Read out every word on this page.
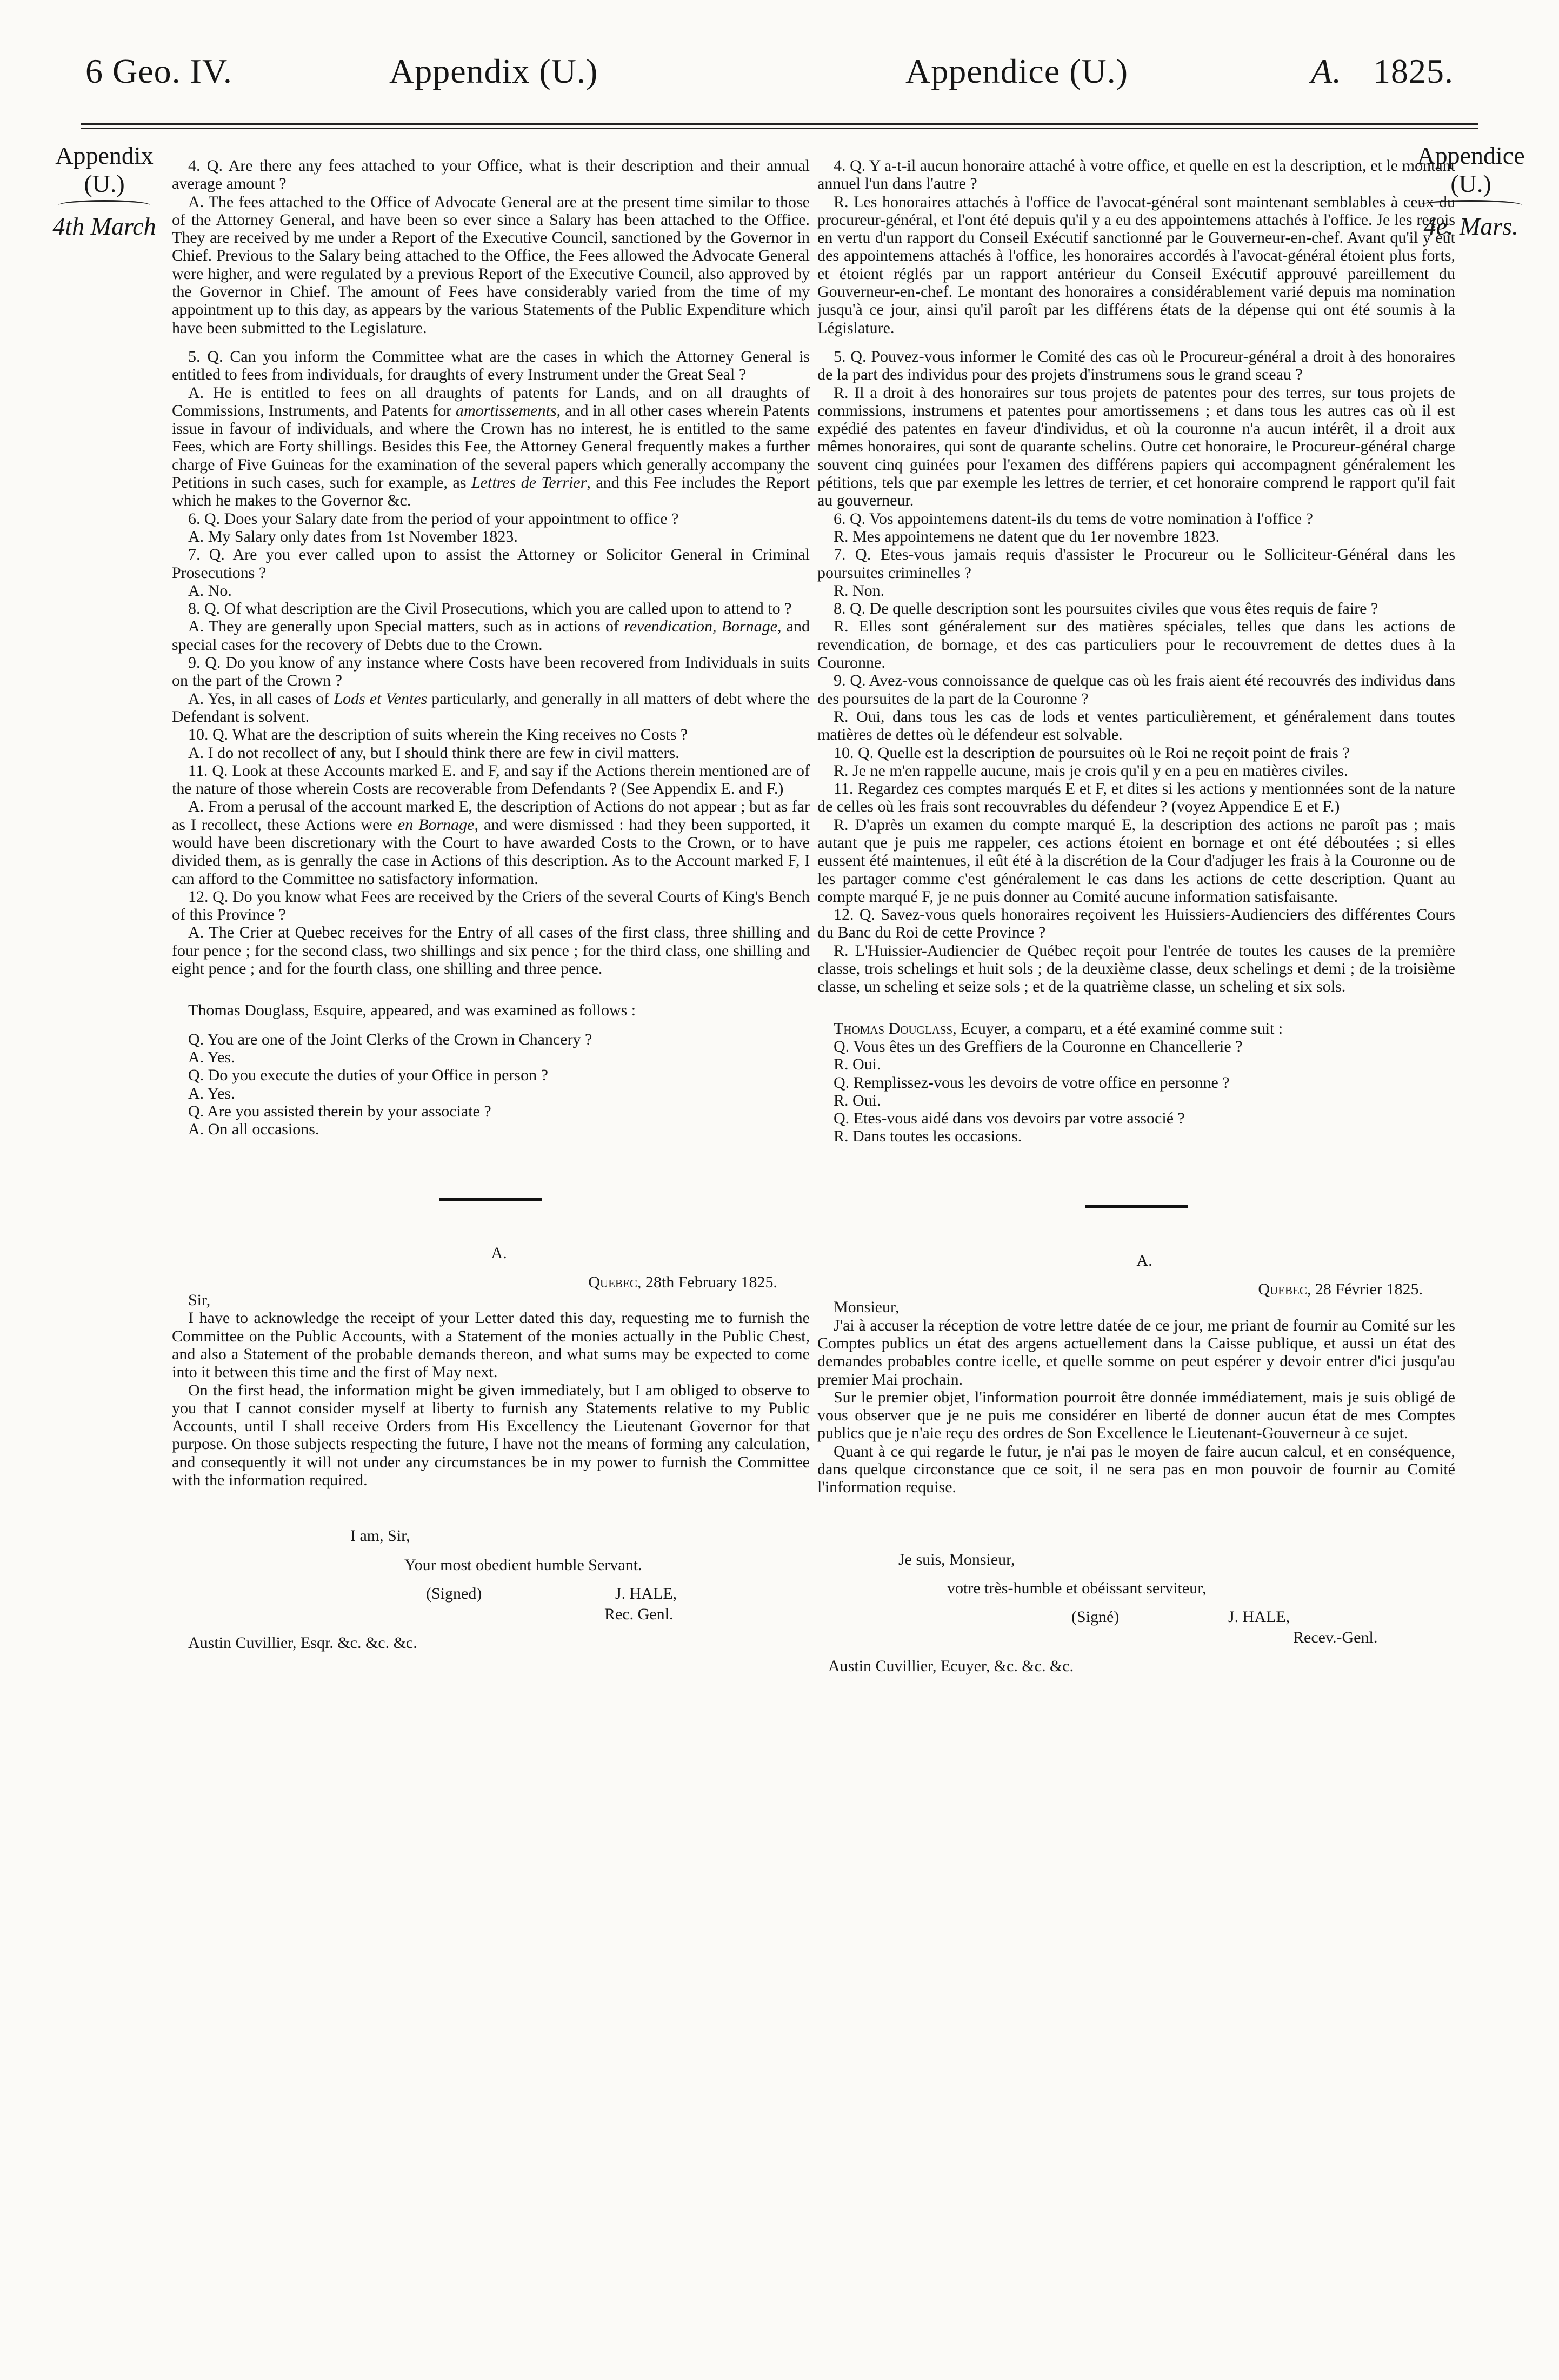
6 Geo. IV.	Appendix (U.)	Appendice (U.)	A. 1825.
Appendix
(U.)
4th March
Appendice
(U.)
4e. Mars.

4. Q. Are there any fees attached to your Office, what is their description and their annual average amount ?

A. The fees attached to the Office of Advocate General are at the present time similar to those of the Attorney General, and have been so ever since a Salary has been attached to the Office. They are received by me under a Report of the Executive Council, sanctioned by the Governor in Chief. Previous to the Salary being attached to the Office, the Fees allowed the Advocate General were higher, and were regulated by a previous Report of the Executive Council, also approved by the Governor in Chief. The amount of Fees have considerably varied from the time of my appointment up to this day, as appears by the various Statements of the Public Expenditure which have been submitted to the Legislature.

5. Q. Can you inform the Committee what are the cases in which the Attorney General is entitled to fees from individuals, for draughts of every Instrument under the Great Seal ?

A. He is entitled to fees on all draughts of patents for Lands, and on all draughts of Commissions, Instruments, and Patents for amortissements, and in all other cases wherein Patents issue in favour of individuals, and where the Crown has no interest, he is entitled to the same Fees, which are Forty shillings. Besides this Fee, the Attorney General frequently makes a further charge of Five Guineas for the examination of the several papers which generally accompany the Petitions in such cases, such for example, as Lettres de Terrier, and this Fee includes the Report which he makes to the Governor &c.

6. Q. Does your Salary date from the period of your appointment to office ?

A. My Salary only dates from 1st November 1823.

7. Q. Are you ever called upon to assist the Attorney or Solicitor General in Criminal Prosecutions ?

A. No.

8. Q. Of what description are the Civil Prosecutions, which you are called upon to attend to ?

A. They are generally upon Special matters, such as in actions of revendication, Bornage, and special cases for the recovery of Debts due to the Crown.

9. Q. Do you know of any instance where Costs have been recovered from Individuals in suits on the part of the Crown ?

A. Yes, in all cases of Lods et Ventes particularly, and generally in all matters of debt where the Defendant is solvent.

10. Q. What are the description of suits wherein the King receives no Costs ?

A. I do not recollect of any, but I should think there are few in civil matters.

11. Q. Look at these Accounts marked E. and F, and say if the Actions therein mentioned are of the nature of those wherein Costs are recoverable from Defendants ? (See Appendix E. and F.)

A. From a perusal of the account marked E, the description of Actions do not appear ; but as far as I recollect, these Actions were en Bornage, and were dismissed : had they been supported, it would have been discretionary with the Court to have awarded Costs to the Crown, or to have divided them, as is genrally the case in Actions of this description. As to the Account marked F, I can afford to the Committee no satisfactory information.

12. Q. Do you know what Fees are received by the Criers of the several Courts of King's Bench of this Province ?

A. The Crier at Quebec receives for the Entry of all cases of the first class, three shilling and four pence ; for the second class, two shillings and six pence ; for the third class, one shilling and eight pence ; and for the fourth class, one shilling and three pence.

Thomas Douglass, Esquire, appeared, and was examined as follows :

Q. You are one of the Joint Clerks of the Crown in Chancery ?

A. Yes.

Q. Do you execute the duties of your Office in person ?

A. Yes.

Q. Are you assisted therein by your associate ?

A. On all occasions.

A.

Quebec, 28th February 1825.

Sir,

I have to acknowledge the receipt of your Letter dated this day, requesting me to furnish the Committee on the Public Accounts, with a Statement of the monies actually in the Public Chest, and also a Statement of the probable demands thereon, and what sums may be expected to come into it between this time and the first of May next.

On the first head, the information might be given immediately, but I am obliged to observe to you that I cannot consider myself at liberty to furnish any Statements relative to my Public Accounts, until I shall receive Orders from His Excellency the Lieutenant Governor for that purpose. On those subjects respecting the future, I have not the means of forming any calculation, and consequently it will not under any circumstances be in my power to furnish the Committee with the information required.

I am, Sir,

Your most obedient humble Servant.

(Signed)	J. HALE,

Rec. Genl.

Austin Cuvillier, Esqr. &c. &c. &c.

4. Q. Y a-t-il aucun honoraire attaché à votre office, et quelle en est la description, et le montant annuel l'un dans l'autre ?

R. Les honoraires attachés à l'office de l'avocat-général sont maintenant semblables à ceux du procureur-général, et l'ont été depuis qu'il y a eu des appointemens attachés à l'office. Je les reçois en vertu d'un rapport du Conseil Exécutif sanctionné par le Gouverneur-en-chef. Avant qu'il y eût des appointemens attachés à l'office, les honoraires accordés à l'avocat-général étoient plus forts, et étoient réglés par un rapport antérieur du Conseil Exécutif approuvé pareillement du Gouverneur-en-chef. Le montant des honoraires a considérablement varié depuis ma nomination jusqu'à ce jour, ainsi qu'il paroît par les différens états de la dépense qui ont été soumis à la Législature.

5. Q. Pouvez-vous informer le Comité des cas où le Procureur-général a droit à des honoraires de la part des individus pour des projets d'instrumens sous le grand sceau ?

R. Il a droit à des honoraires sur tous projets de patentes pour des terres, sur tous projets de commissions, instrumens et patentes pour amortissemens ; et dans tous les autres cas où il est expédié des patentes en faveur d'individus, et où la couronne n'a aucun intérêt, il a droit aux mêmes honoraires, qui sont de quarante schelins. Outre cet honoraire, le Procureur-général charge souvent cinq guinées pour l'examen des différens papiers qui accompagnent généralement les pétitions, tels que par exemple les lettres de terrier, et cet honoraire comprend le rapport qu'il fait au gouverneur.

6. Q. Vos appointemens datent-ils du tems de votre nomination à l'office ?

R. Mes appointemens ne datent que du 1er novembre 1823.

7. Q. Etes-vous jamais requis d'assister le Procureur ou le Solliciteur-Général dans les poursuites criminelles ?

R. Non.

8. Q. De quelle description sont les poursuites civiles que vous êtes requis de faire ?

R. Elles sont généralement sur des matières spéciales, telles que dans les actions de revendication, de bornage, et des cas particuliers pour le recouvrement de dettes dues à la Couronne.

9. Q. Avez-vous connoissance de quelque cas où les frais aient été recouvrés des individus dans des poursuites de la part de la Couronne ?

R. Oui, dans tous les cas de lods et ventes particulièrement, et généralement dans toutes matières de dettes où le défendeur est solvable.

10. Q. Quelle est la description de poursuites où le Roi ne reçoit point de frais ?

R. Je ne m'en rappelle aucune, mais je crois qu'il y en a peu en matières civiles.

11. Regardez ces comptes marqués E et F, et dites si les actions y mentionnées sont de la nature de celles où les frais sont recouvrables du défendeur ? (voyez Appendice E et F.)

R. D'après un examen du compte marqué E, la description des actions ne paroît pas ; mais autant que je puis me rappeler, ces actions étoient en bornage et ont été déboutées ; si elles eussent été maintenues, il eût été à la discrétion de la Cour d'adjuger les frais à la Couronne ou de les partager comme c'est généralement le cas dans les actions de cette description. Quant au compte marqué F, je ne puis donner au Comité aucune information satisfaisante.

12. Q. Savez-vous quels honoraires reçoivent les Huissiers-Audienciers des différentes Cours du Banc du Roi de cette Province ?

R. L'Huissier-Audiencier de Québec reçoit pour l'entrée de toutes les causes de la première classe, trois schelings et huit sols ; de la deuxième classe, deux schelings et demi ; de la troisième classe, un scheling et seize sols ; et de la quatrième classe, un scheling et six sols.

Thomas Douglass, Ecuyer, a comparu, et a été examiné comme suit :

Q. Vous êtes un des Greffiers de la Couronne en Chancellerie ?

R. Oui.

Q. Remplissez-vous les devoirs de votre office en personne ?

R. Oui.

Q. Etes-vous aidé dans vos devoirs par votre associé ?

R. Dans toutes les occasions.

A.

Quebec, 28 Février 1825.

Monsieur,

J'ai à accuser la réception de votre lettre datée de ce jour, me priant de fournir au Comité sur les Comptes publics un état des argens actuellement dans la Caisse publique, et aussi un état des demandes probables contre icelle, et quelle somme on peut espérer y devoir entrer d'ici jusqu'au premier Mai prochain.

Sur le premier objet, l'information pourroit être donnée immédiatement, mais je suis obligé de vous observer que je ne puis me considérer en liberté de donner aucun état de mes Comptes publics que je n'aie reçu des ordres de Son Excellence le Lieutenant-Gouverneur à ce sujet.

Quant à ce qui regarde le futur, je n'ai pas le moyen de faire aucun calcul, et en conséquence, dans quelque circonstance que ce soit, il ne sera pas en mon pouvoir de fournir au Comité l'information requise.

Je suis, Monsieur,

votre très-humble et obéissant serviteur,

(Signé)	J. HALE,

Recev.-Genl.

Austin Cuvillier, Ecuyer, &c. &c. &c.
